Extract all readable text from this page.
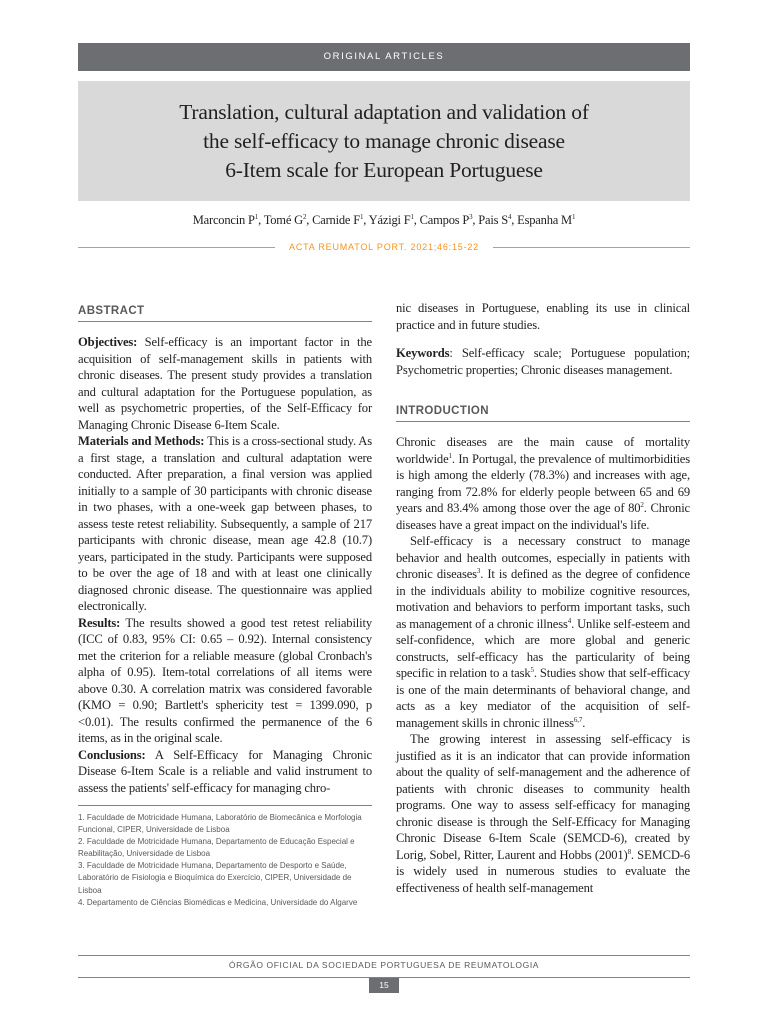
ORIGINAL ARTICLES
Translation, cultural adaptation and validation of
the self-efficacy to manage chronic disease
6-Item scale for European Portuguese
Marconcin $P^1$, Tomé $G^2$, Carnide $F^1$, Yázigi $F^1$, Campos $P^3$, Pais $S^4$, Espanha $M^1$
ACTA REUMATOL PORT. 2021;46:15-22
ABSTRACT

Objectives: Self-efficacy is an important factor in the acquisition of self-management skills in patients with chronic diseases. The present study provides a translation and cultural adaptation for the Portuguese population, as well as psychometric properties, of the Self-Efficacy for Managing Chronic Disease 6-Item Scale.

Materials and Methods: This is a cross-sectional study. As a first stage, a translation and cultural adaptation were conducted. After preparation, a final version was applied initially to a sample of 30 participants with chronic disease in two phases, with a one-week gap between phases, to assess teste retest reliability. Subsequently, a sample of 217 participants with chronic disease, mean age 42.8 (10.7) years, participated in the study. Participants were supposed to be over the age of 18 and with at least one clinically diagnosed chronic disease. The questionnaire was applied electronically.

Results: The results showed a good test retest reliability (ICC of 0.83, 95% CI: 0.65 – 0.92). Internal consistency met the criterion for a reliable measure (global Cronbach's alpha of 0.95). Item-total correlations of all items were above 0.30. A correlation matrix was considered favorable (KMO = 0.90; Bartlett's sphericity test = 1399.090, p <0.01). The results confirmed the permanence of the 6 items, as in the original scale.

Conclusions: A Self-Efficacy for Managing Chronic Disease 6-Item Scale is a reliable and valid instrument to assess the patients' self-efficacy for managing chro-

1. Faculdade de Motricidade Humana, Laboratório de Biomecânica e Morfologia Funcional, CIPER, Universidade de Lisboa

2. Faculdade de Motricidade Humana, Departamento de Educação Especial e Reabilitação, Universidade de Lisboa

3. Faculdade de Motricidade Humana, Departamento de Desporto e Saúde, Laboratório de Fisiologia e Bioquímica do Exercício, CIPER, Universidade de Lisboa

4. Departamento de Ciências Biomédicas e Medicina, Universidade do Algarve

nic diseases in Portuguese, enabling its use in clinical practice and in future studies.

Keywords: Self-efficacy scale; Portuguese population; Psychometric properties; Chronic diseases management.

INTRODUCTION

Chronic diseases are the main cause of mortality worldwide$^1$. In Portugal, the prevalence of multimorbidities is high among the elderly (78.3%) and increases with age, ranging from 72.8% for elderly people between 65 and 69 years and 83.4% among those over the age of $80^2$. Chronic diseases have a great impact on the individual's life.

Self-efficacy is a necessary construct to manage behavior and health outcomes, especially in patients with chronic diseases$^3$. It is defined as the degree of confidence in the individuals ability to mobilize cognitive resources, motivation and behaviors to perform important tasks, such as management of a chronic illness$^4$. Unlike self-esteem and self-confidence, which are more global and generic constructs, self-efficacy has the particularity of being specific in relation to a task$^5$. Studies show that self-efficacy is one of the main determinants of behavioral change, and acts as a key mediator of the acquisition of self-management skills in chronic illness$^{6,7}$.

The growing interest in assessing self-efficacy is justified as it is an indicator that can provide information about the quality of self-management and the adherence of patients with chronic diseases to community health programs. One way to assess self-efficacy for managing chronic disease is through the Self-Efficacy for Managing Chronic Disease 6-Item Scale (SEMCD-6), created by Lorig, Sobel, Ritter, Laurent and Hobbs $(2001)^8$. SEMCD-6 is widely used in numerous studies to evaluate the effectiveness of health self-management

ÓRGÃO OFICIAL DA SOCIEDADE PORTUGUESA DE REUMATOLOGIA
15
